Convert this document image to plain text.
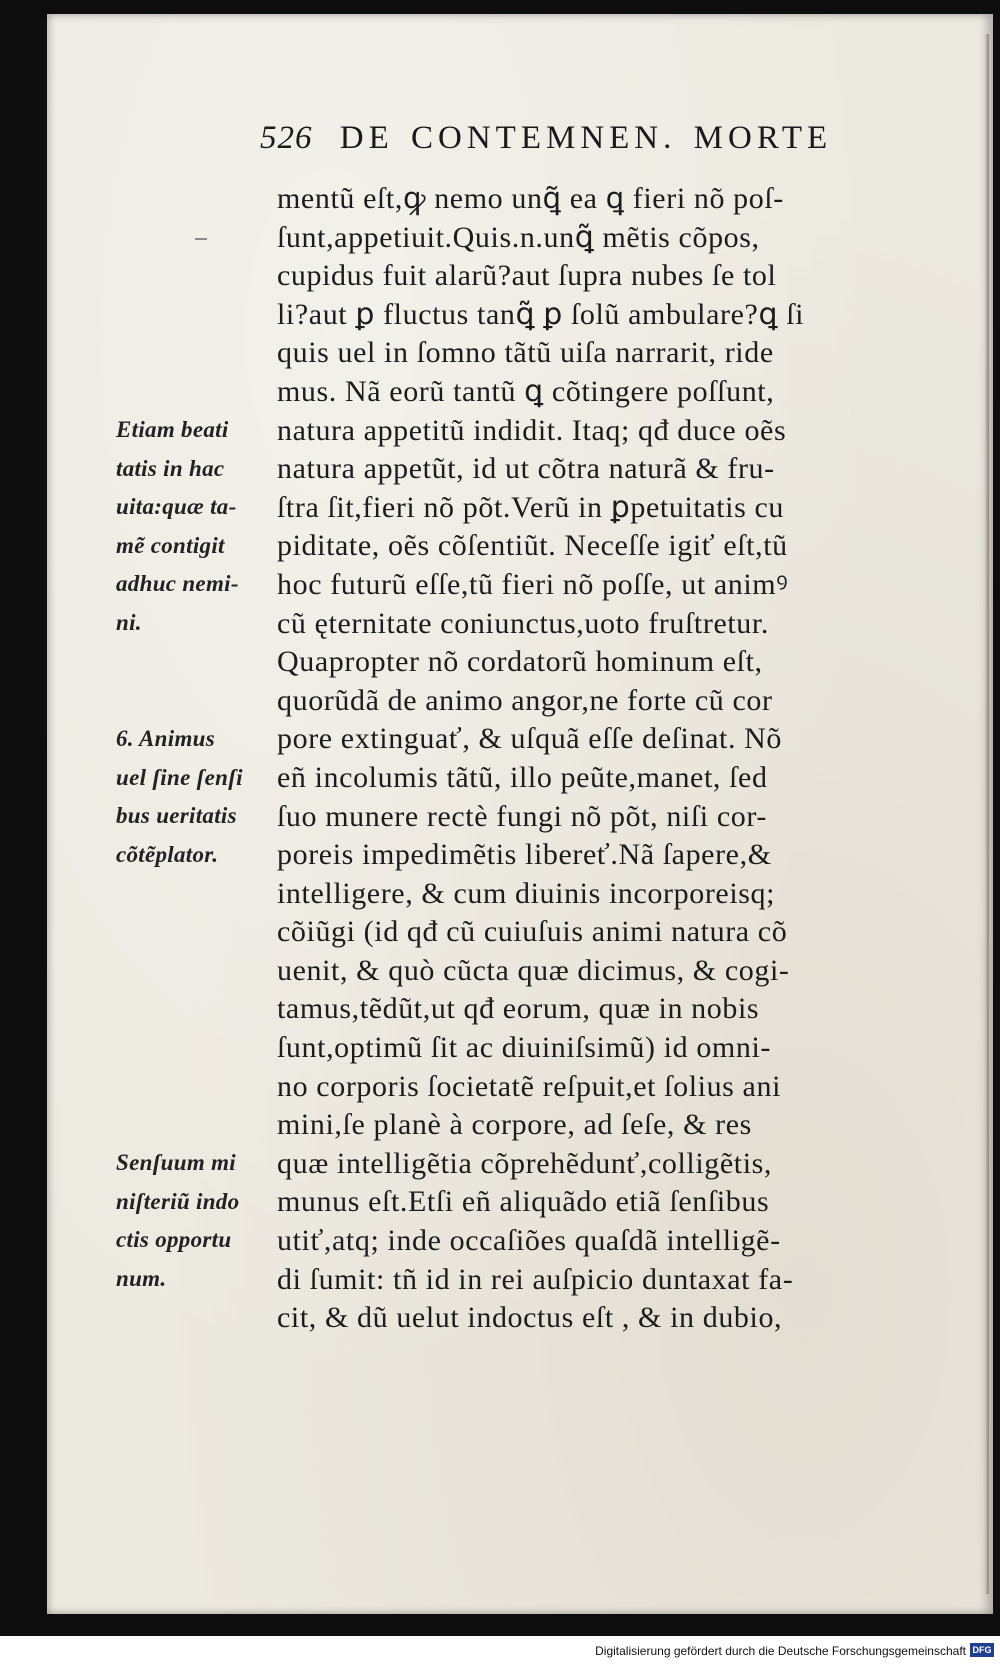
526 DE CONTEMNEN. MORTE
mentũ eſt,ꝙ nemo unꝗ̃ ea ꝗ fieri nõ poſ-
ſunt,appetiuit.Quis.n.unꝗ̃ mẽtis cõpos,
cupidus fuit alarũ?aut ſupra nubes ſe tol
li?aut ꝑ fluctus tanꝗ̃ ꝑ ſolũ ambulare?ꝗ ſi
quis uel in ſomno tãtũ uiſa narrarit, ride
mus. Nã eorũ tantũ ꝗ cõtingere poſſunt,
natura appetitũ indidit. Itaq; qđ duce oẽs
natura appetũt, id ut cõtra naturã & fru-
ſtra ſit,fieri nõ põt.Verũ in ꝑpetuitatis cu
piditate, oẽs cõſentiũt. Neceſſe igiť eſt,tũ
hoc futurũ eſſe,tũ fieri nõ poſſe, ut animꝰ
cũ ęternitate coniunctus,uoto fruſtretur.
Quapropter nõ cordatorũ hominum eſt,
quorũdã de animo angor,ne forte cũ cor
pore extinguať, & uſquã eſſe deſinat. Nõ
eñ incolumis tãtũ, illo peũte,manet, ſed
ſuo munere rectè fungi nõ põt, niſi cor-
poreis impedimẽtis libereť.Nã ſapere,&
intelligere, & cum diuinis incorporeisq;
cõiũgi (id qđ cũ cuiuſuis animi natura cõ
uenit, & quò cũcta quæ dicimus, & cogi-
tamus,tẽdũt,ut qđ eorum, quæ in nobis
ſunt,optimũ ſit ac diuiniſsimũ) id omni-
no corporis ſocietatẽ reſpuit,et ſolius ani
mini,ſe planè à corpore, ad ſeſe, & res
quæ intelligẽtia cõprehẽdunť,colligẽtis,
munus eſt.Etſi eñ aliquãdo etiã ſenſibus
utiť,atq; inde occaſiões quaſdã intelligẽ-
di ſumit: tñ id in rei auſpicio duntaxat fa-
cit, & dũ uelut indoctus eſt , & in dubio,
Etiam beati
tatis in hac
uita:quæ ta-
mẽ contigit
adhuc nemi-
ni.
6. Animus
uel ſine ſenſi
bus ueritatis
cõtẽplator.
Senſuum mi
niſteriũ indo
ctis opportu
num.
Digitalisierung gefördert durch die Deutsche Forschungsgemeinschaft DFG
